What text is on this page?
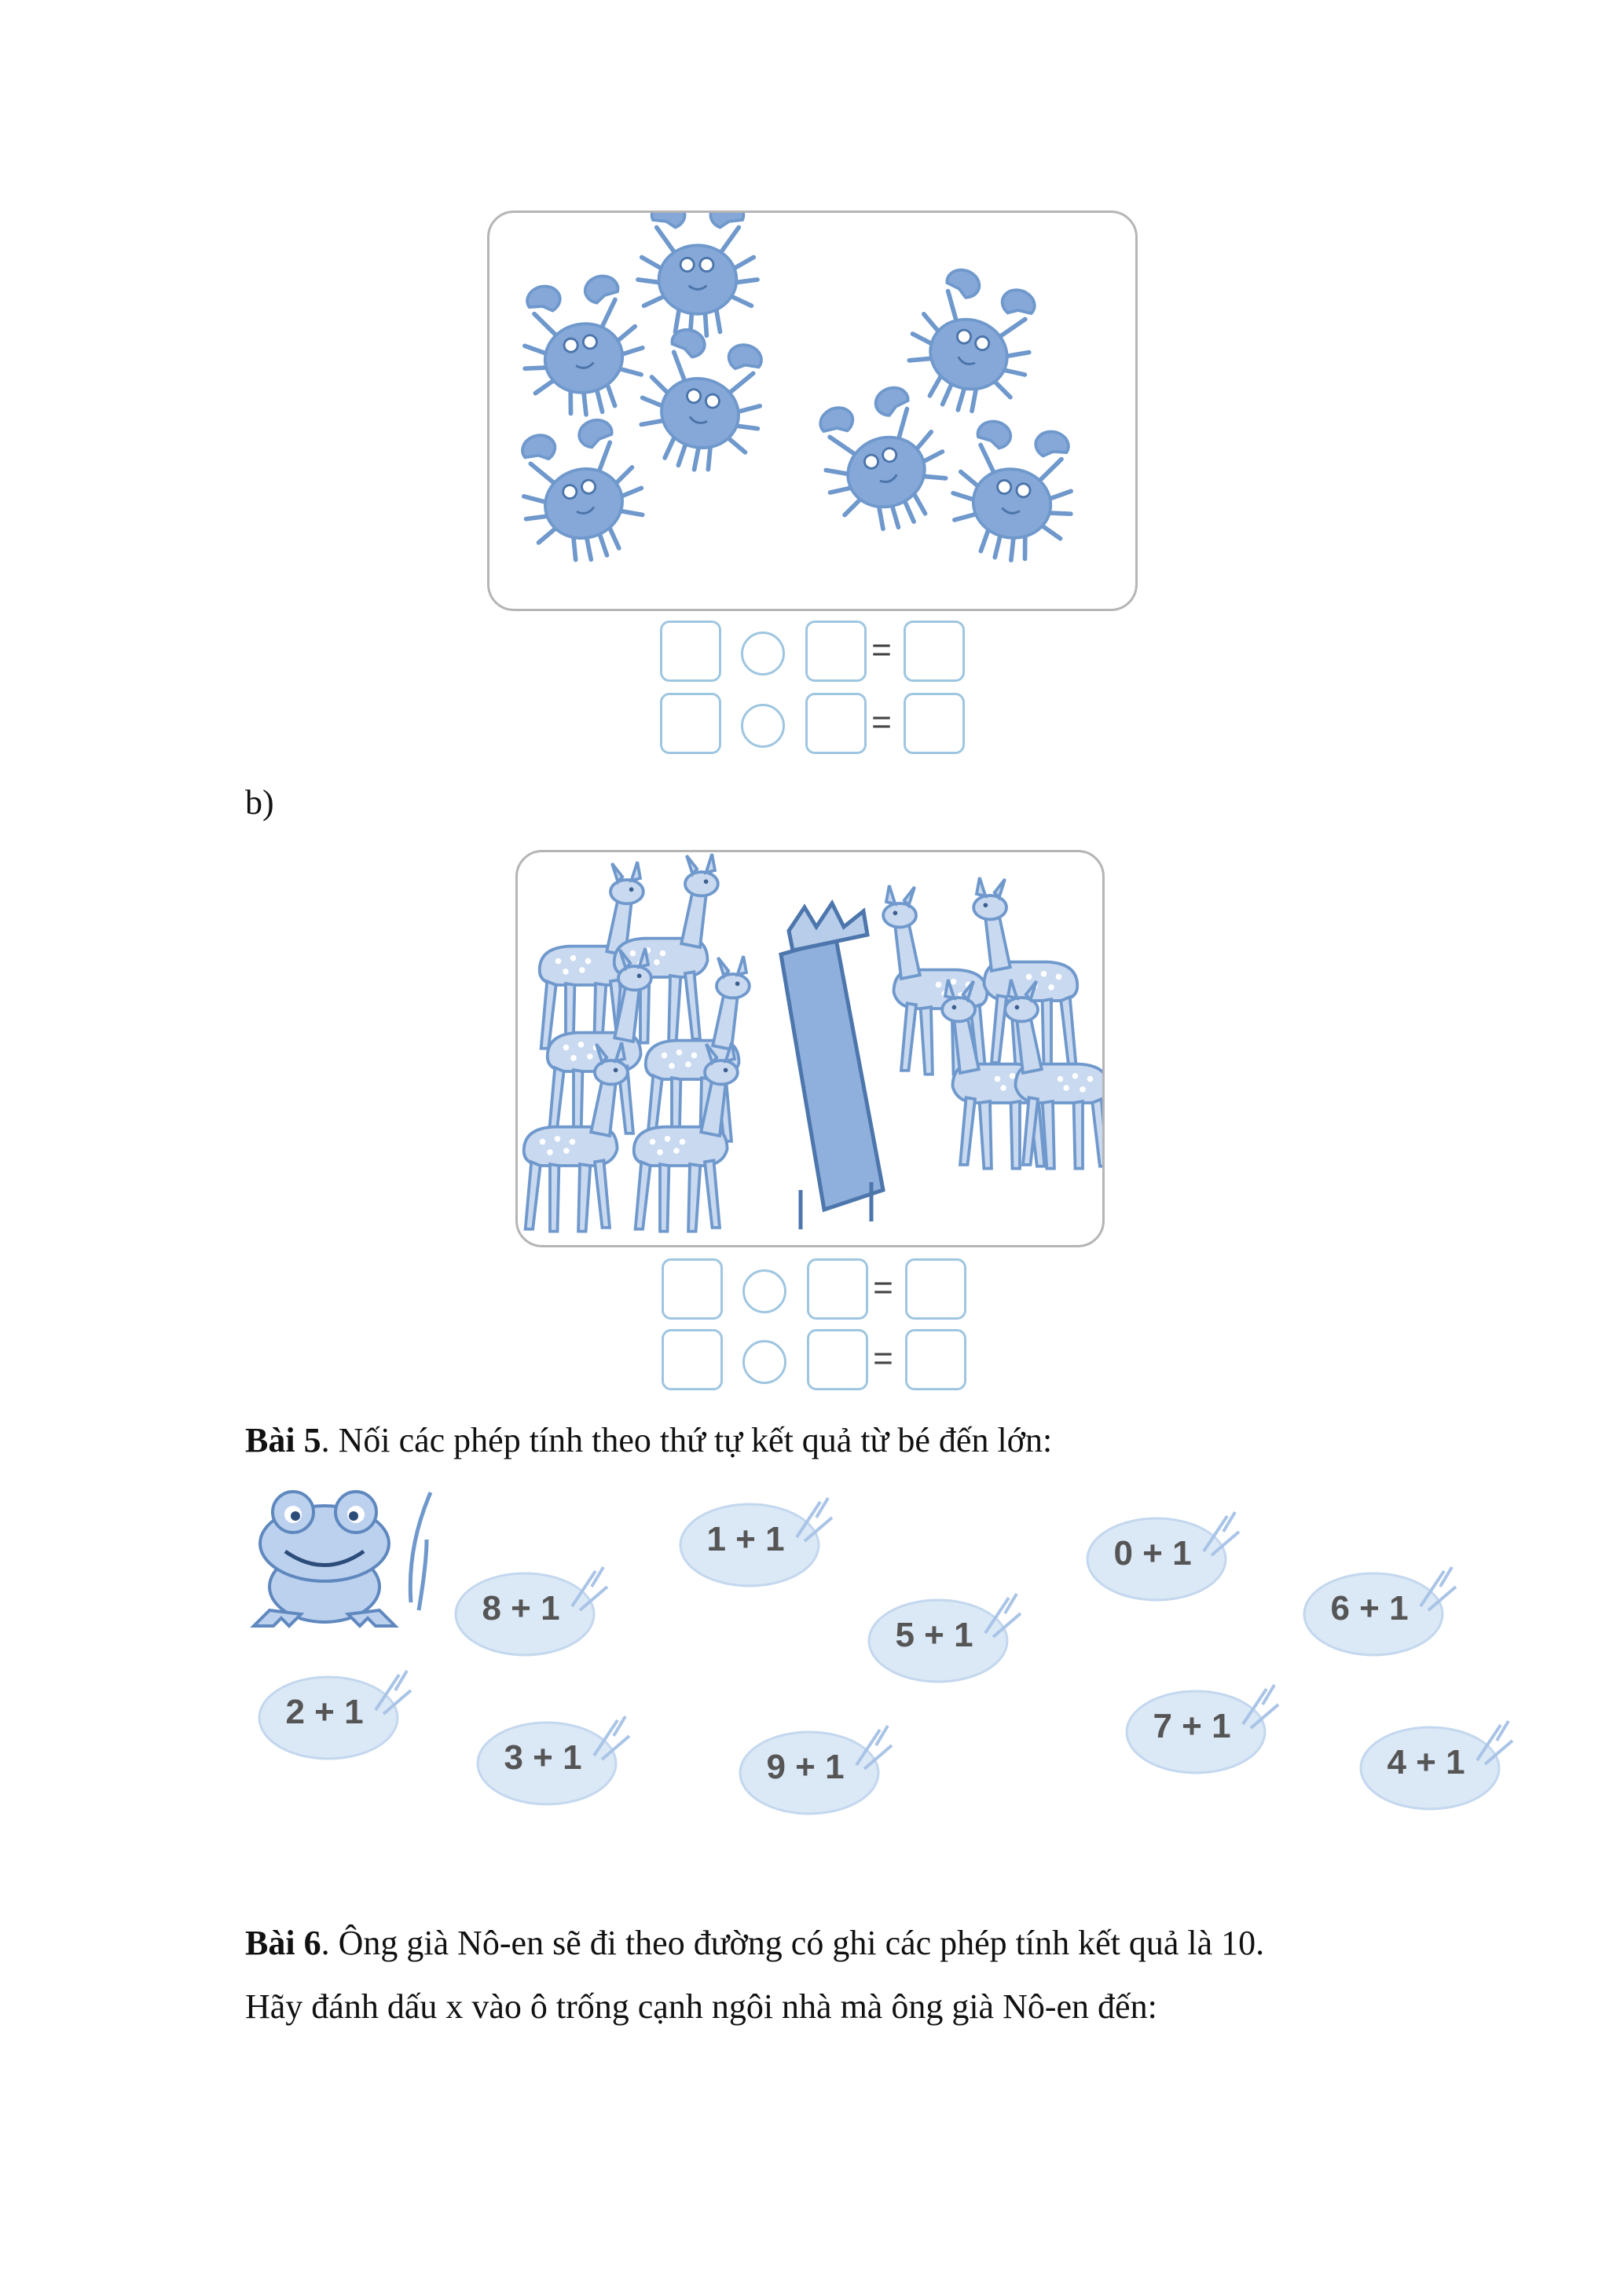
=
=
b)
=
=
Bài 5. Nối các phép tính theo thứ tự kết quả từ bé đến lớn:
8 + 1
1 + 1
5 + 1
0 + 1
6 + 1
2 + 1
3 + 1	9 + 1
7 + 1
4 + 1
Bài 6. Ông già Nô-en sẽ đi theo đường có ghi các phép tính kết quả là 10.
Hãy đánh dấu x vào ô trống cạnh ngôi nhà mà ông già Nô-en đến:
